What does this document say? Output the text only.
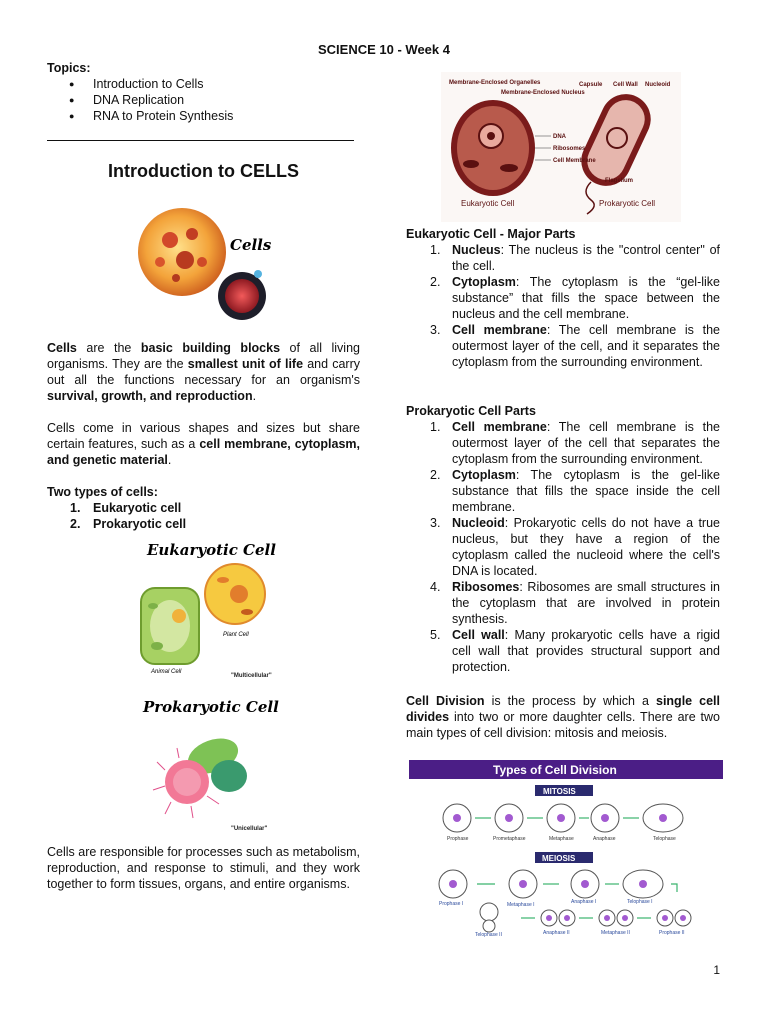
SCIENCE 10 - Week 4
Topics:
● Introduction to Cells
● DNA Replication
● RNA to Protein Synthesis
Introduction to CELLS
Cells
Cells are the basic building blocks of all living organisms. They are the smallest unit of life and carry out all the functions necessary for an organism's survival, growth, and reproduction.
Cells come in various shapes and sizes but share certain features, such as a cell membrane, cytoplasm, and genetic material.
Two types of cells:
Eukaryotic cell
Prokaryotic cell
Eukaryotic Cell
Plant Cell
Animal Cell
"Multicellular"
Prokaryotic Cell
"Unicellular"
Cells are responsible for processes such as metabolism, reproduction, and response to stimuli, and they work together to form tissues, organs, and entire organisms.
Membrane-Enclosed Organelles
Membrane-Enclosed Nucleus
Capsule Cell Wall Nucleoid
DNA
Ribosomes
Cell Membrane
Flagellum
Eukaryotic Cell	Prokaryotic Cell
Eukaryotic Cell - Major Parts
Nucleus: The nucleus is the "control center" of the cell.
Cytoplasm: The cytoplasm is the “gel-like substance” that fills the space between the nucleus and the cell membrane.
Cell membrane: The cell membrane is the outermost layer of the cell, and it separates the cytoplasm from the surrounding environment.
Prokaryotic Cell Parts
Cell membrane: The cell membrane is the outermost layer of the cell that separates the cytoplasm from the surrounding environment.
Cytoplasm: The cytoplasm is the gel-like substance that fills the space inside the cell membrane.
Nucleoid: Prokaryotic cells do not have a true nucleus, but they have a region of the cytoplasm called the nucleoid where the cell's DNA is located.
Ribosomes: Ribosomes are small structures in the cytoplasm that are involved in protein synthesis.
Cell wall: Many prokaryotic cells have a rigid cell wall that provides structural support and protection.
Cell Division is the process by which a single cell divides into two or more daughter cells. There are two main types of cell division: mitosis and meiosis.
Types of Cell Division
MITOSIS
Prophase	Prometaphase	Metaphase	Anaphase	Telophase
MEIOSIS
Prophase I	Metaphase I	Anaphase I	Telophase I
Telophase II	Anaphase II	Metaphase II	Prophase II
1
